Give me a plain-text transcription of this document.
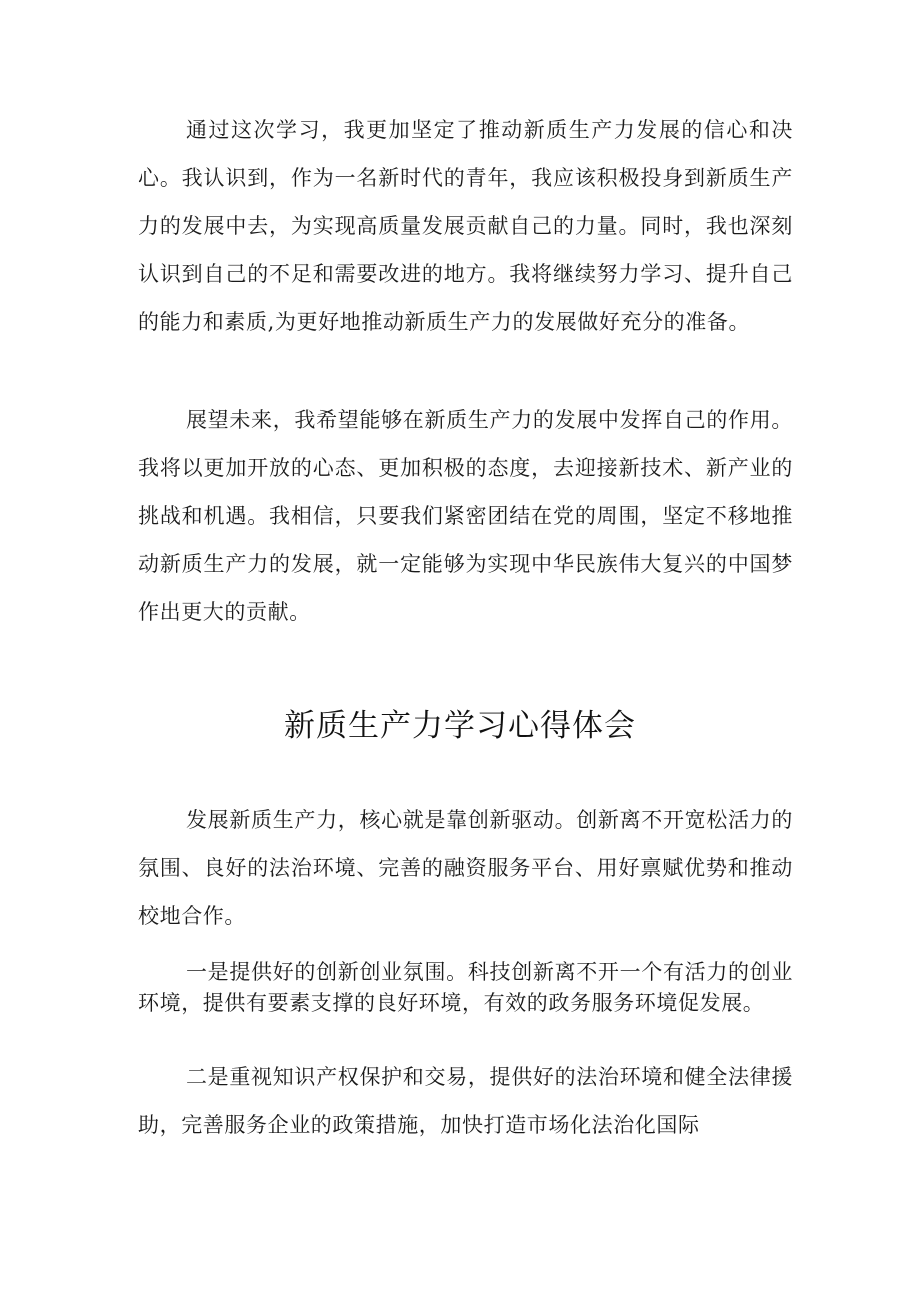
通过这次学习，我更加坚定了推动新质生产力发展的信心和决心。我认识到，作为一名新时代的青年，我应该积极投身到新质生产力的发展中去，为实现高质量发展贡献自己的力量。同时，我也深刻认识到自己的不足和需要改进的地方。我将继续努力学习、提升自己的能力和素质,为更好地推动新质生产力的发展做好充分的准备。

展望未来，我希望能够在新质生产力的发展中发挥自己的作用。我将以更加开放的心态、更加积极的态度，去迎接新技术、新产业的挑战和机遇。我相信，只要我们紧密团结在党的周围，坚定不移地推动新质生产力的发展，就一定能够为实现中华民族伟大复兴的中国梦作出更大的贡献。

新质生产力学习心得体会

发展新质生产力，核心就是靠创新驱动。创新离不开宽松活力的氛围、良好的法治环境、完善的融资服务平台、用好禀赋优势和推动校地合作。

一是提供好的创新创业氛围。科技创新离不开一个有活力的创业环境，提供有要素支撑的良好环境，有效的政务服务环境促发展。

二是重视知识产权保护和交易，提供好的法治环境和健全法律援助，完善服务企业的政策措施，加快打造市场化法治化国际
